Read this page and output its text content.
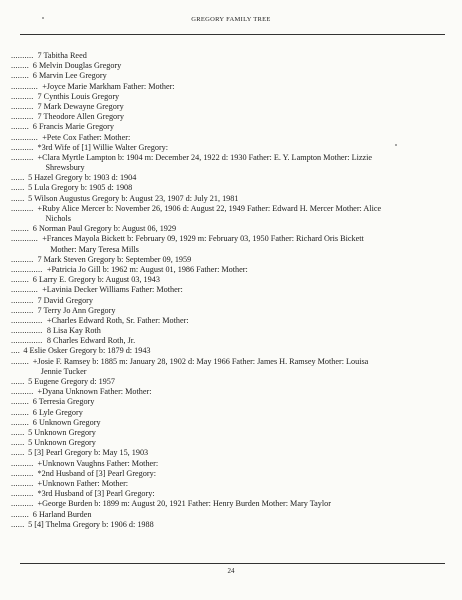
GREGORY FAMILY TREE
.......... 7 Tabitha Reed
........ 6 Melvin Douglas Gregory
........ 6 Marvin Lee Gregory
............ +Joyce Marie Markham Father: Mother:
.......... 7 Cynthis Louis Gregory
.......... 7 Mark Dewayne Gregory
.......... 7 Theodore Allen Gregory
........ 6 Francis Marie Gregory
............ +Pete Cox Father: Mother:
.......... *3rd Wife of [1] Willie Walter Gregory:
.......... +Clara Myrtle Lampton b: 1904 m: December 24, 1922 d: 1930 Father: E. Y. Lampton Mother: Lizzie
Shrewsbury
...... 5 Hazel Gregory b: 1903 d: 1904
...... 5 Lula Gregory b: 1905 d: 1908
...... 5 Wilson Augustus Gregory b: August 23, 1907 d: July 21, 1981
.......... +Ruby Alice Mercer b: November 26, 1906 d: August 22, 1949 Father: Edward H. Mercer Mother: Alice
Nichols
........ 6 Norman Paul Gregory b: August 06, 1929
............ +Frances Mayola Bickett b: February 09, 1929 m: February 03, 1950 Father: Richard Oris Bickett
Mother: Mary Teresa Mills
.......... 7 Mark Steven Gregory b: September 09, 1959
.............. +Patricia Jo Gill b: 1962 m: August 01, 1986 Father: Mother:
........ 6 Larry E. Gregory b: August 03, 1943
............ +Lavinia Decker Williams Father: Mother:
.......... 7 David Gregory
.......... 7 Terry Jo Ann Gregory
.............. +Charles Edward Roth, Sr. Father: Mother:
.............. 8 Lisa Kay Roth
.............. 8 Charles Edward Roth, Jr.
.... 4 Eslie Osker Gregory b: 1879 d: 1943
........ +Josie F. Ramsey b: 1885 m: January 28, 1902 d: May 1966 Father: James H. Ramsey Mother: Louisa
Jennie Tucker
...... 5 Eugene Gregory d: 1957
.......... +Dyana Unknown Father: Mother:
........ 6 Terresia Gregory
........ 6 Lyle Gregory
........ 6 Unknown Gregory
...... 5 Unknown Gregory
...... 5 Unknown Gregory
...... 5 [3] Pearl Gregory b: May 15, 1903
.......... +Unknown Vaughns Father: Mother:
.......... *2nd Husband of [3] Pearl Gregory:
.......... +Unknown Father: Mother:
.......... *3rd Husband of [3] Pearl Gregory:
.......... +George Burden b: 1899 m: August 20, 1921 Father: Henry Burden Mother: Mary Taylor
........ 6 Harland Burden
...... 5 [4] Thelma Gregory b: 1906 d: 1988
24
